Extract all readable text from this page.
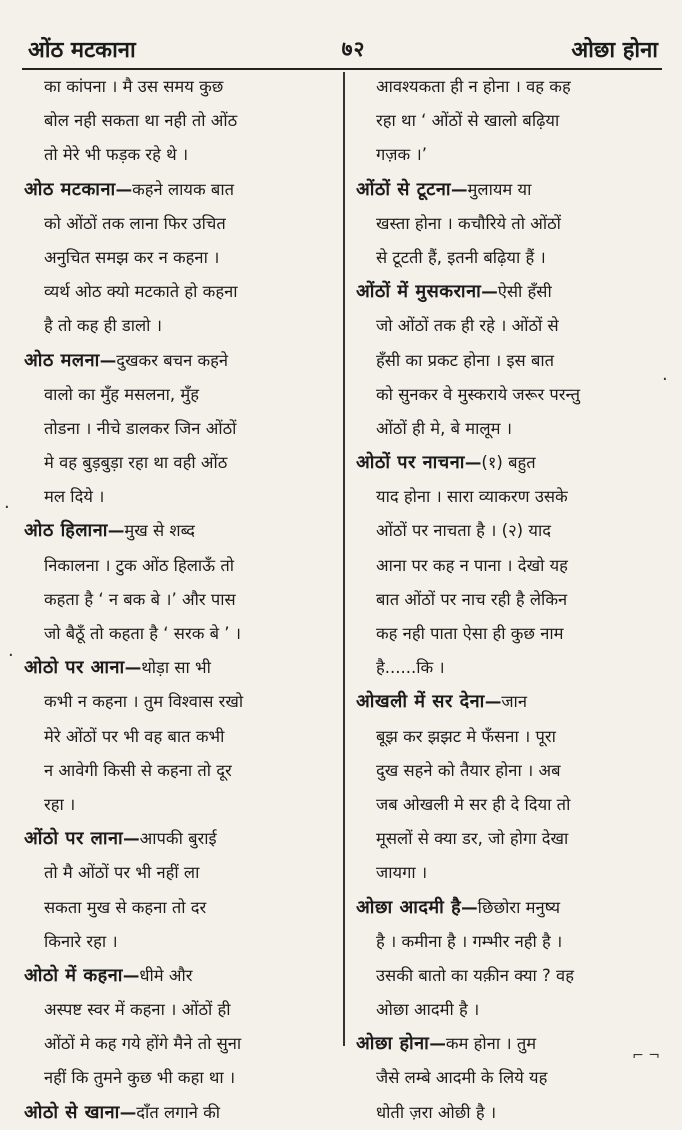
ओंठ मटकाना	७२	ओछा होना
का कांपना । मै उस समय कुछ
बोल नही सकता था नही तो ओंठ
तो मेरे भी फड़क रहे थे ।
ओठ मटकाना—कहने लायक बात
को ओंठों तक लाना फिर उचित
अनुचित समझ कर न कहना ।
व्यर्थ ओठ क्यो मटकाते हो कहना
है तो कह ही डालो ।
ओठ मलना—दुखकर बचन कहने
वालो का मुँह मसलना, मुँह
तोडना । नीचे डालकर जिन ओंठों
मे वह बुड़बुड़ा रहा था वही ओंठ
मल दिये ।
ओठ हिलाना—मुख से शब्द
निकालना । टुक ओंठ हिलाऊँ तो
कहता है ‘ न बक बे ।’ और पास
जो बैठूँ तो कहता है ‘ सरक बे ’ ।
ओठो पर आना—थोड़ा सा भी
कभी न कहना । तुम विश्वास रखो
मेरे ओंठों पर भी वह बात कभी
न आवेगी किसी से कहना तो दूर
रहा ।
ओंठो पर लाना—आपकी बुराई
तो मै ओंठों पर भी नहीं ला
सकता मुख से कहना तो दर
किनारे रहा ।
ओठो में कहना—धीमे और
अस्पष्ट स्वर में कहना । ओंठों ही
ओंठों मे कह गये होंगे मैने तो सुना
नहीं कि तुमने कुछ भी कहा था ।
ओठो से खाना—दाँत लगाने की
आवश्यकता ही न होना । वह कह
रहा था ‘ ओंठों से खालो बढ़िया
गज़क ।’
ओंठों से टूटना—मुलायम या
खस्ता होना । कचौरिये तो ओंठों
से टूटती हैं, इतनी बढ़िया हैं ।
ओंठों में मुसकराना—ऐसी हँसी
जो ओंठों तक ही रहे । ओंठों से
हँसी का प्रकट होना । इस बात
को सुनकर वे मुस्कराये जरूर परन्तु
ओंठों ही मे, बे मालूम ।
ओठों पर नाचना—(१) बहुत
याद होना । सारा व्याकरण उसके
ओंठों पर नाचता है । (२) याद
आना पर कह न पाना । देखो यह
बात ओंठों पर नाच रही है लेकिन
कह नही पाता ऐसा ही कुछ नाम
है......कि ।
ओखली में सर देना—जान
बूझ कर झझट मे फँसना । पूरा
दुख सहने को तैयार होना । अब
जब ओखली मे सर ही दे दिया तो
मूसलों से क्या डर, जो होगा देखा
जायगा ।
ओछा आदमी है—छिछोरा मनुष्य
है । कमीना है । गम्भीर नही है ।
उसकी बातो का यक़ीन क्या ? वह
ओछा आदमी है ।
ओछा होना—कम होना । तुम
जैसे लम्बे आदमी के लिये यह
धोती ज़रा ओछी है ।
.
.
.
⌐ ¬
